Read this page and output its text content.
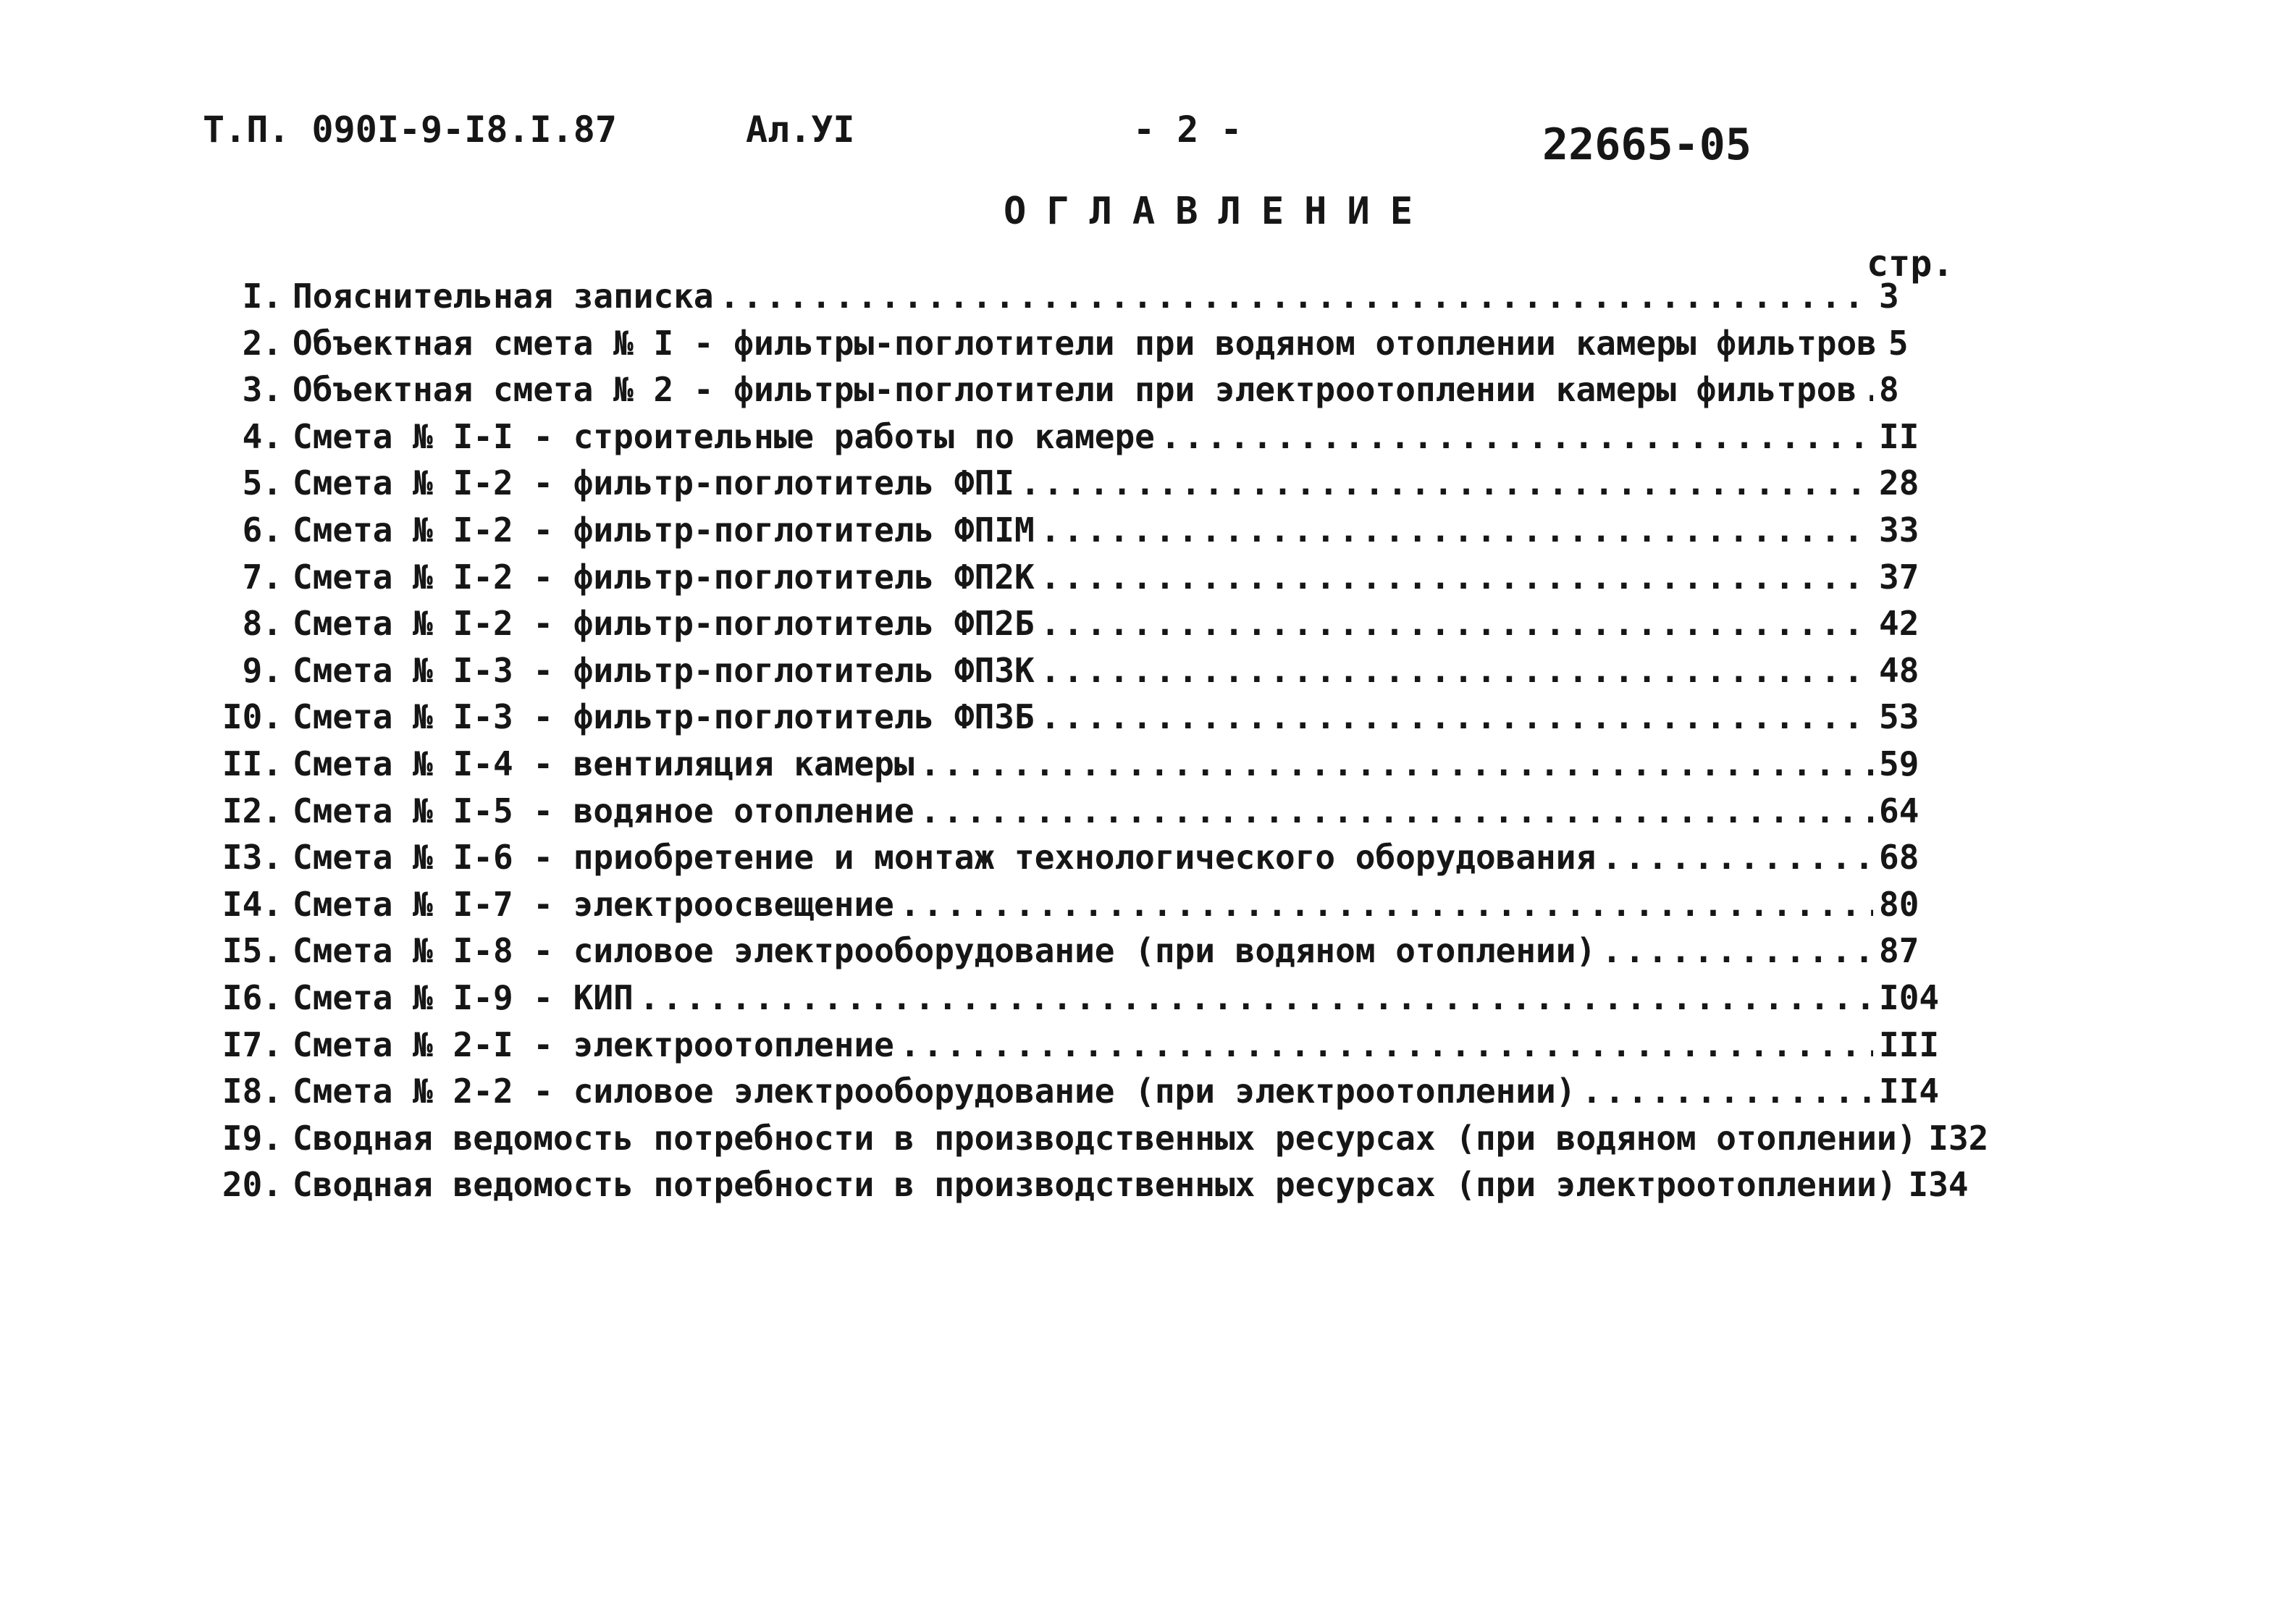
Т.П. 090I-9-I8.I.87	Ал.УI	- 2 -	22665-05
ОГЛАВЛЕНИЕ
стр.
I. Пояснительная записка .....	3
2. Объектная смета № I - фильтры-поглотители при водяном отоплении камеры фильтров 5
3. Объектная смета № 2 - фильтры-поглотители при электроотоплении камеры фильтров ..... 8
4. Смета № I-I - строительные работы по камере .....	II
5. Смета № I-2 - фильтр-поглотитель ФПI .....	28
6. Смета № I-2 - фильтр-поглотитель ФПIМ .....	33
7. Смета № I-2 - фильтр-поглотитель ФП2К .....	37
8. Смета № I-2 - фильтр-поглотитель ФП2Б .....	42
9. Смета № I-3 - фильтр-поглотитель ФП3К .....	48
I0. Смета № I-3 - фильтр-поглотитель ФП3Б .....	53
II. Смета № I-4 - вентиляция камеры .....	59
I2. Смета № I-5 - водяное отопление .....	64
I3. Смета № I-6 - приобретение и монтаж технологического оборудования .....	68
I4. Смета № I-7 - электроосвещение .....	80
I5. Смета № I-8 - силовое электрооборудование (при водяном отоплении) .....	87
I6. Смета № I-9 - КИП .....	I04
I7. Смета № 2-I - электроотопление .....	III
I8. Смета № 2-2 - силовое электрооборудование (при электроотоплении) .....	II4
I9. Сводная ведомость потребности в производственных ресурсах (при водяном отоплении) I32
20. Сводная ведомость потребности в производственных ресурсах (при электроотоплении) I34
